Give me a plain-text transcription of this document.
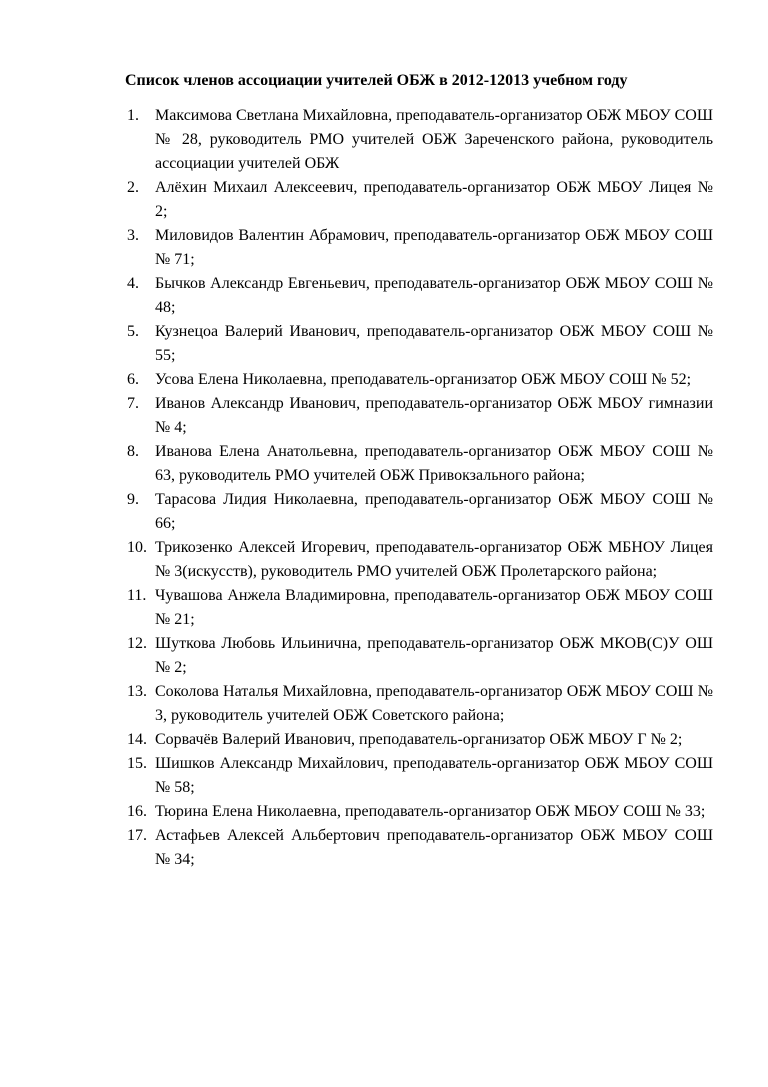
Список членов ассоциации учителей ОБЖ в 2012-12013 учебном году
1. Максимова Светлана Михайловна, преподаватель-организатор ОБЖ МБОУ СОШ № 28, руководитель РМО учителей ОБЖ Зареченского района, руководитель ассоциации учителей ОБЖ
2. Алёхин Михаил Алексеевич, преподаватель-организатор ОБЖ МБОУ Лицея № 2;
3. Миловидов Валентин Абрамович, преподаватель-организатор ОБЖ МБОУ СОШ № 71;
4. Бычков Александр Евгеньевич, преподаватель-организатор ОБЖ МБОУ СОШ № 48;
5. Кузнецоа Валерий Иванович, преподаватель-организатор ОБЖ МБОУ СОШ № 55;
6. Усова Елена Николаевна, преподаватель-организатор ОБЖ МБОУ СОШ № 52;
7. Иванов Александр Иванович, преподаватель-организатор ОБЖ МБОУ гимназии № 4;
8. Иванова Елена Анатольевна, преподаватель-организатор ОБЖ МБОУ СОШ № 63, руководитель РМО учителей ОБЖ Привокзального района;
9. Тарасова Лидия Николаевна, преподаватель-организатор ОБЖ МБОУ СОШ № 66;
10. Трикозенко Алексей Игоревич, преподаватель-организатор ОБЖ МБНОУ Лицея № 3(искусств), руководитель РМО учителей ОБЖ Пролетарского района;
11. Чувашова Анжела Владимировна, преподаватель-организатор ОБЖ МБОУ СОШ № 21;
12. Шуткова Любовь Ильинична, преподаватель-организатор ОБЖ МКОВ(С)У ОШ № 2;
13. Соколова Наталья Михайловна, преподаватель-организатор ОБЖ МБОУ СОШ № 3, руководитель учителей ОБЖ Советского района;
14. Сорвачёв Валерий Иванович, преподаватель-организатор ОБЖ МБОУ Г № 2;
15. Шишков Александр Михайлович, преподаватель-организатор ОБЖ МБОУ СОШ № 58;
16. Тюрина Елена Николаевна, преподаватель-организатор ОБЖ МБОУ СОШ № 33;
17. Астафьев Алексей Альбертович преподаватель-организатор ОБЖ МБОУ СОШ № 34;
